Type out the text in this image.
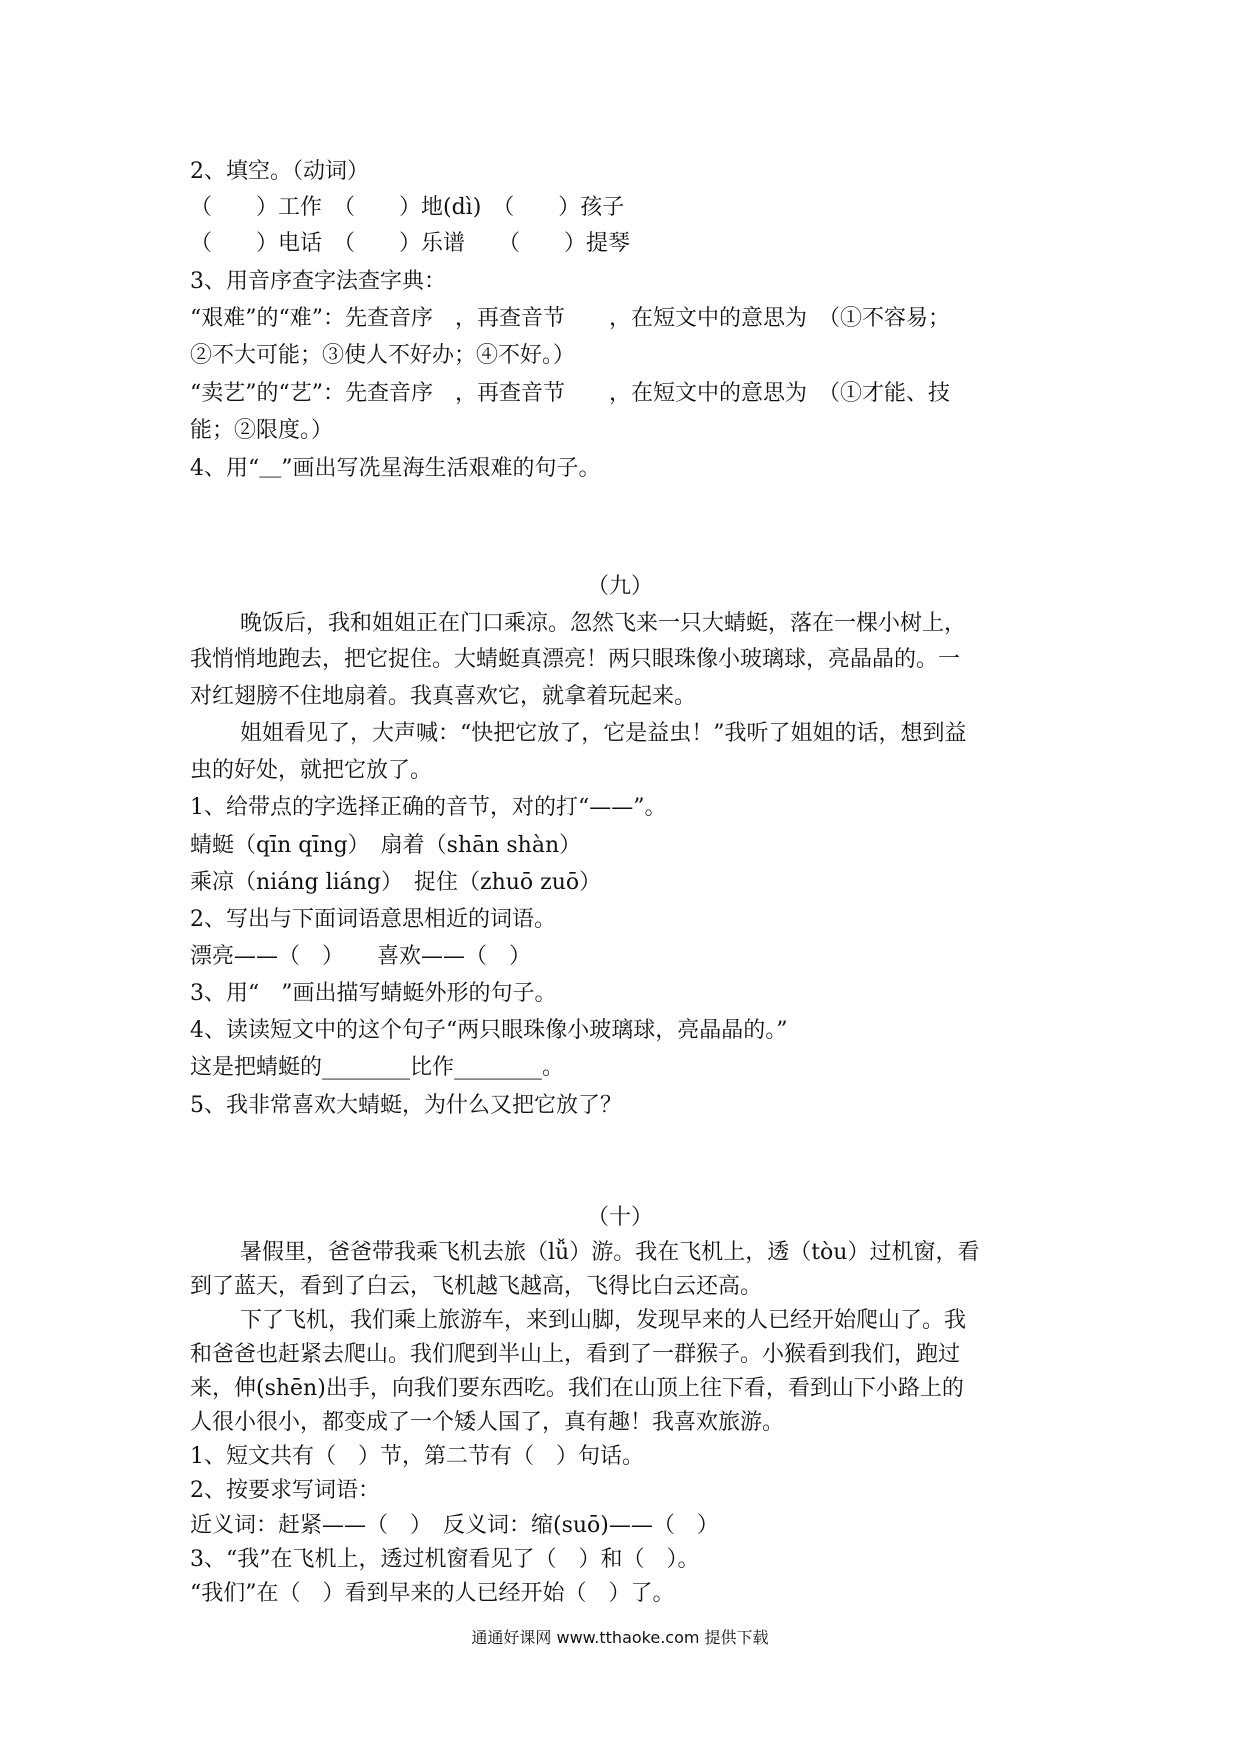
2、填空。（动词）
（　　）工作　（　　）地(dì)　（　　）孩子
（　　）电话　（　　）乐谱　　（　　）提琴
3、用音序查字法查字典：
“艰难”的“难”：先查音序　，再查音节　　，在短文中的意思为　（①不容易；
②不大可能；③使人不好办；④不好。）
“卖艺”的“艺”：先查音序　，再查音节　　，在短文中的意思为　（①才能、技
能；②限度。）
4、用“＿”画出写冼星海生活艰难的句子。
（九）
晚饭后，我和姐姐正在门口乘凉。忽然飞来一只大蜻蜓，落在一棵小树上，
我悄悄地跑去，把它捉住。大蜻蜓真漂亮！两只眼珠像小玻璃球，亮晶晶的。一
对红翅膀不住地扇着。我真喜欢它，就拿着玩起来。
姐姐看见了，大声喊：“快把它放了，它是益虫！”我听了姐姐的话，想到益
虫的好处，就把它放了。
1、给带点的字选择正确的音节，对的打“——”。
蜻蜓（qīn qīng）　扇着（shān shàn）
乘凉（niáng liáng）　捉住（zhuō zuō）
2、写出与下面词语意思相近的词语。
漂亮——（　）　　喜欢——（　）
3、用“　”画出描写蜻蜓外形的句子。
4、读读短文中的这个句子“两只眼珠像小玻璃球，亮晶晶的。”
这是把蜻蜓的________比作________。
5、我非常喜欢大蜻蜓，为什么又把它放了？
（十）
暑假里，爸爸带我乘飞机去旅（lǚ）游。我在飞机上，透（tòu）过机窗，看
到了蓝天，看到了白云，飞机越飞越高，飞得比白云还高。
下了飞机，我们乘上旅游车，来到山脚，发现早来的人已经开始爬山了。我
和爸爸也赶紧去爬山。我们爬到半山上，看到了一群猴子。小猴看到我们，跑过
来，伸(shēn)出手，向我们要东西吃。我们在山顶上往下看，看到山下小路上的
人很小很小，都变成了一个矮人国了，真有趣！我喜欢旅游。
1、短文共有（　）节，第二节有（　）句话。
2、按要求写词语：
近义词：赶紧——（　）　反义词：缩(suō)——（　）
3、“我”在飞机上，透过机窗看见了（　）和（　）。
“我们”在（　）看到早来的人已经开始（　）了。
通通好课网 www.tthaoke.com 提供下载
